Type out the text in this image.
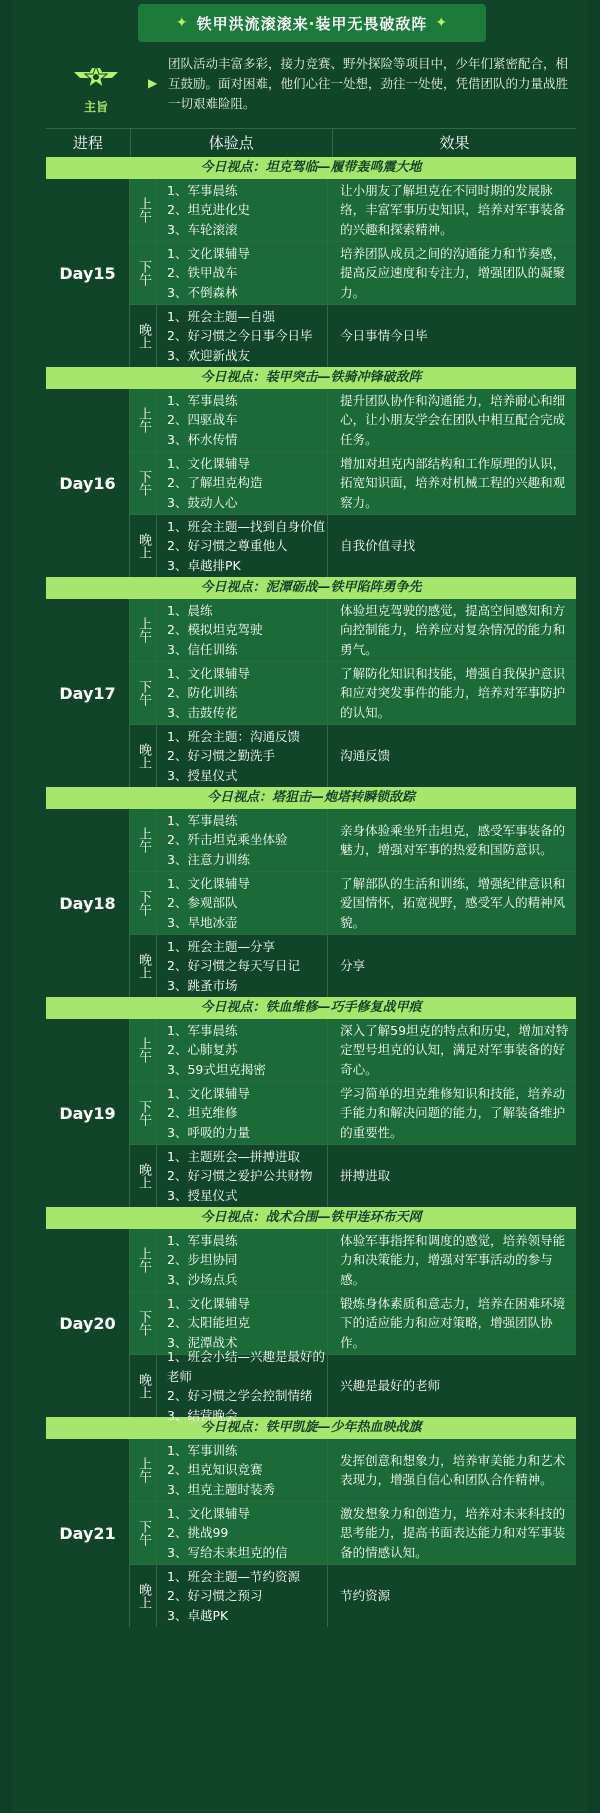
✦ 铁甲洪流滚滚来·装甲无畏破敌阵 ✦
主旨
▶
团队活动丰富多彩，接力竞赛、野外探险等项目中，少年们紧密配合，相互鼓励。面对困难，他们心往一处想，劲往一处使，凭借团队的力量战胜一切艰难险阻。
进程	体验点	效果
今日视点：坦克驾临—履带轰鸣震大地
Day15
上午
1、军事晨练
2、坦克进化史
3、车轮滚滚
让小朋友了解坦克在不同时期的发展脉络，丰富军事历史知识，培养对军事装备的兴趣和探索精神。
下午
1、文化课辅导
2、铁甲战车
3、不倒森林
培养团队成员之间的沟通能力和节奏感，提高反应速度和专注力，增强团队的凝聚力。
晚上
1、班会主题—自强
2、好习惯之今日事今日毕
3、欢迎新战友
今日事情今日毕
今日视点：装甲突击—铁骑冲锋破敌阵
Day16
上午
1、军事晨练
2、四驱战车
3、杯水传情
提升团队协作和沟通能力，培养耐心和细心，让小朋友学会在团队中相互配合完成任务。
下午
1、文化课辅导
2、了解坦克构造
3、鼓动人心
增加对坦克内部结构和工作原理的认识，拓宽知识面，培养对机械工程的兴趣和观察力。
晚上
1、班会主题—找到自身价值
2、好习惯之尊重他人
3、卓越排PK
自我价值寻找
今日视点：泥潭砺战—铁甲陷阵勇争先
Day17
上午
1、晨练
2、模拟坦克驾驶
3、信任训练
体验坦克驾驶的感觉，提高空间感知和方向控制能力，培养应对复杂情况的能力和勇气。
下午
1、文化课辅导
2、防化训练
3、击鼓传花
了解防化知识和技能，增强自我保护意识和应对突发事件的能力，培养对军事防护的认知。
晚上
1、班会主题：沟通反馈
2、好习惯之勤洗手
3、授星仪式
沟通反馈
今日视点：塔狙击—炮塔转瞬锁敌踪
Day18
上午
1、军事晨练
2、歼击坦克乘坐体验
3、注意力训练
亲身体验乘坐歼击坦克，感受军事装备的魅力，增强对军事的热爱和国防意识。
下午
1、文化课辅导
2、参观部队
3、旱地冰壶
了解部队的生活和训练，增强纪律意识和爱国情怀，拓宽视野，感受军人的精神风貌。
晚上
1、班会主题—分享
2、好习惯之每天写日记
3、跳蚤市场
分享
今日视点：铁血维修—巧手修复战甲痕
Day19
上午
1、军事晨练
2、心肺复苏
3、59式坦克揭密
深入了解59坦克的特点和历史，增加对特定型号坦克的认知，满足对军事装备的好奇心。
下午
1、文化课辅导
2、坦克维修
3、呼吸的力量
学习简单的坦克维修知识和技能，培养动手能力和解决问题的能力，了解装备维护的重要性。
晚上
1、主题班会—拼搏进取
2、好习惯之爱护公共财物
3、授星仪式
拼搏进取
今日视点：战术合围—铁甲连环布天网
Day20
上午
1、军事晨练
2、步坦协同
3、沙场点兵
体验军事指挥和调度的感觉，培养领导能力和决策能力，增强对军事活动的参与感。
下午
1、文化课辅导
2、太阳能坦克
3、泥潭战术
锻炼身体素质和意志力，培养在困难环境下的适应能力和应对策略，增强团队协作。
晚上
1、班会小结—兴趣是最好的老师
2、好习惯之学会控制情绪
3、结营晚会
兴趣是最好的老师
今日视点：铁甲凯旋—少年热血映战旗
Day21
上午
1、军事训练
2、坦克知识竞赛
3、坦克主题时装秀
发挥创意和想象力，培养审美能力和艺术表现力，增强自信心和团队合作精神。
下午
1、文化课辅导
2、挑战99
3、写给未来坦克的信
激发想象力和创造力，培养对未来科技的思考能力，提高书面表达能力和对军事装备的情感认知。
晚上
1、班会主题—节约资源
2、好习惯之预习
3、卓越PK
节约资源
